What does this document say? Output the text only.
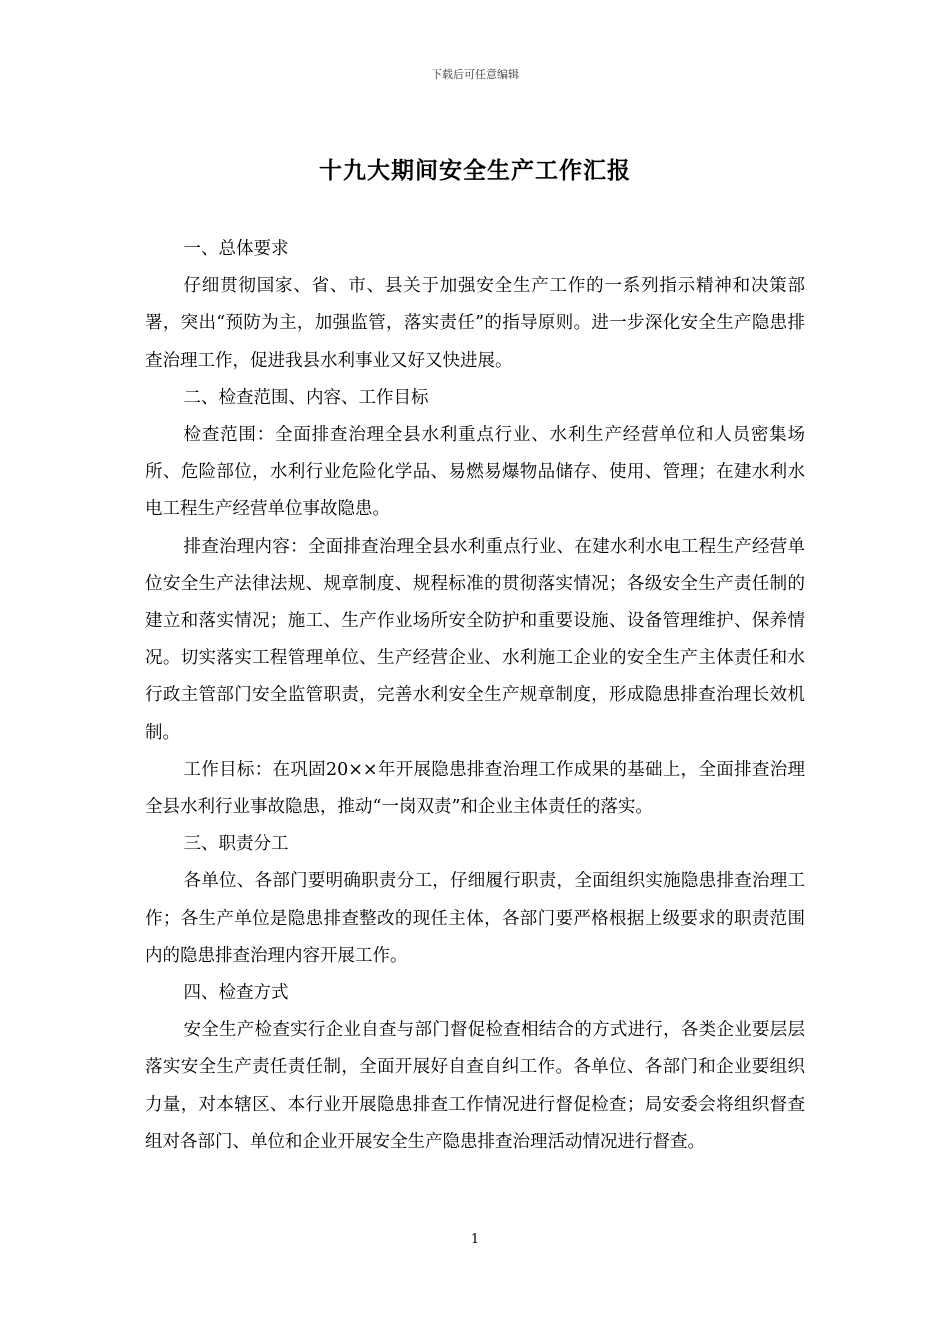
下载后可任意编辑
十九大期间安全生产工作汇报

一、总体要求

仔细贯彻国家、省、市、县关于加强安全生产工作的一系列指示精神和决策部署，突出“预防为主，加强监管，落实责任”的指导原则。进一步深化安全生产隐患排查治理工作，促进我县水利事业又好又快进展。

二、检查范围、内容、工作目标

检查范围：全面排查治理全县水利重点行业、水利生产经营单位和人员密集场所、危险部位，水利行业危险化学品、易燃易爆物品储存、使用、管理；在建水利水电工程生产经营单位事故隐患。

排查治理内容：全面排查治理全县水利重点行业、在建水利水电工程生产经营单位安全生产法律法规、规章制度、规程标准的贯彻落实情况；各级安全生产责任制的建立和落实情况；施工、生产作业场所安全防护和重要设施、设备管理维护、保养情况。切实落实工程管理单位、生产经营企业、水利施工企业的安全生产主体责任和水行政主管部门安全监管职责，完善水利安全生产规章制度，形成隐患排查治理长效机制。

工作目标：在巩固20××年开展隐患排查治理工作成果的基础上，全面排查治理全县水利行业事故隐患，推动“一岗双责”和企业主体责任的落实。

三、职责分工

各单位、各部门要明确职责分工，仔细履行职责，全面组织实施隐患排查治理工作；各生产单位是隐患排查整改的现任主体，各部门要严格根据上级要求的职责范围内的隐患排查治理内容开展工作。

四、检查方式

安全生产检查实行企业自查与部门督促检查相结合的方式进行，各类企业要层层落实安全生产责任责任制，全面开展好自查自纠工作。各单位、各部门和企业要组织力量，对本辖区、本行业开展隐患排查工作情况进行督促检查；局安委会将组织督查组对各部门、单位和企业开展安全生产隐患排查治理活动情况进行督查。

1
